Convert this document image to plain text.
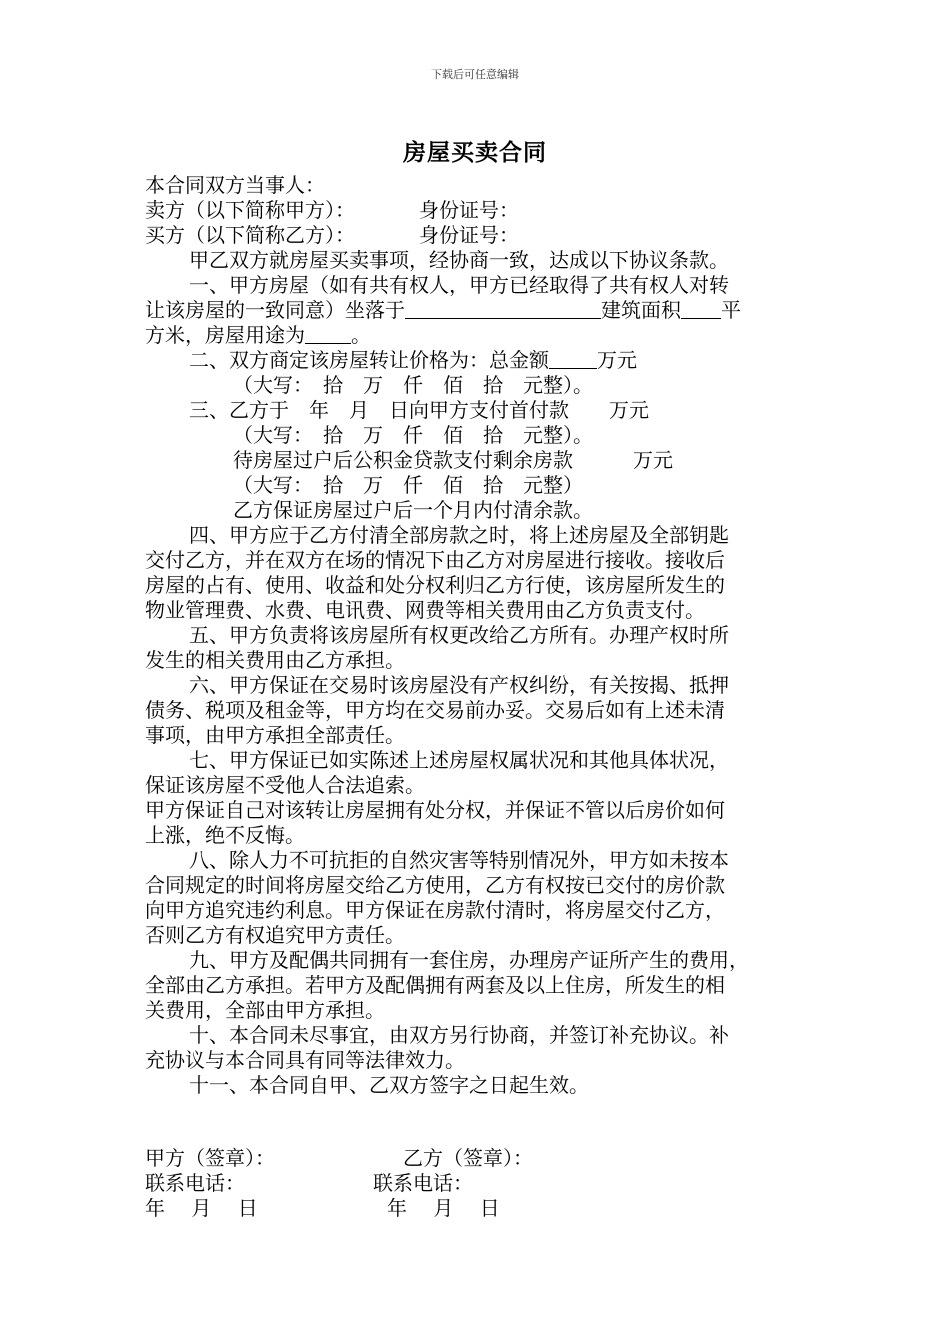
下载后可任意编辑
房屋买卖合同
本合同双方当事人：
卖方（以下简称甲方）：	身份证号：
买方（以下简称乙方）：	身份证号：
甲乙双方就房屋买卖事项，经协商一致，达成以下协议条款。
一、甲方房屋（如有共有权人，甲方已经取得了共有权人对转
让该房屋的一致同意）坐落于	建筑面积 平
方米，房屋用途为 。
二、双方商定该房屋转让价格为：总金额 万元
（大写：　拾　万　仟　佰　拾　元整）。
三、乙方于　年　月　日向甲方支付首付款　　万元
（大写：　拾　万　仟　佰　拾　元整）。
待房屋过户后公积金贷款支付剩余房款　　　万元
（大写：　拾　万　仟　佰　拾　元整）
乙方保证房屋过户后一个月内付清余款。
四、甲方应于乙方付清全部房款之时，将上述房屋及全部钥匙
交付乙方，并在双方在场的情况下由乙方对房屋进行接收。接收后
房屋的占有、使用、收益和处分权利归乙方行使，该房屋所发生的
物业管理费、水费、电讯费、网费等相关费用由乙方负责支付。
五、甲方负责将该房屋所有权更改给乙方所有。办理产权时所
发生的相关费用由乙方承担。
六、甲方保证在交易时该房屋没有产权纠纷，有关按揭、抵押
债务、税项及租金等，甲方均在交易前办妥。交易后如有上述未清
事项，由甲方承担全部责任。
七、甲方保证已如实陈述上述房屋权属状况和其他具体状况，
保证该房屋不受他人合法追索。
甲方保证自己对该转让房屋拥有处分权，并保证不管以后房价如何
上涨，绝不反悔。
八、除人力不可抗拒的自然灾害等特别情况外，甲方如未按本
合同规定的时间将房屋交给乙方使用，乙方有权按已交付的房价款
向甲方追究违约利息。甲方保证在房款付清时，将房屋交付乙方，
否则乙方有权追究甲方责任。
九、甲方及配偶共同拥有一套住房，办理房产证所产生的费用，
全部由乙方承担。若甲方及配偶拥有两套及以上住房，所发生的相
关费用，全部由甲方承担。
十、本合同未尽事宜，由双方另行协商，并签订补充协议。补
充协议与本合同具有同等法律效力。
十一、本合同自甲、乙双方签字之日起生效。
甲方（签章）：	乙方（签章）：
联系电话：	联系电话：
年　 月　 日	年　 月　 日
